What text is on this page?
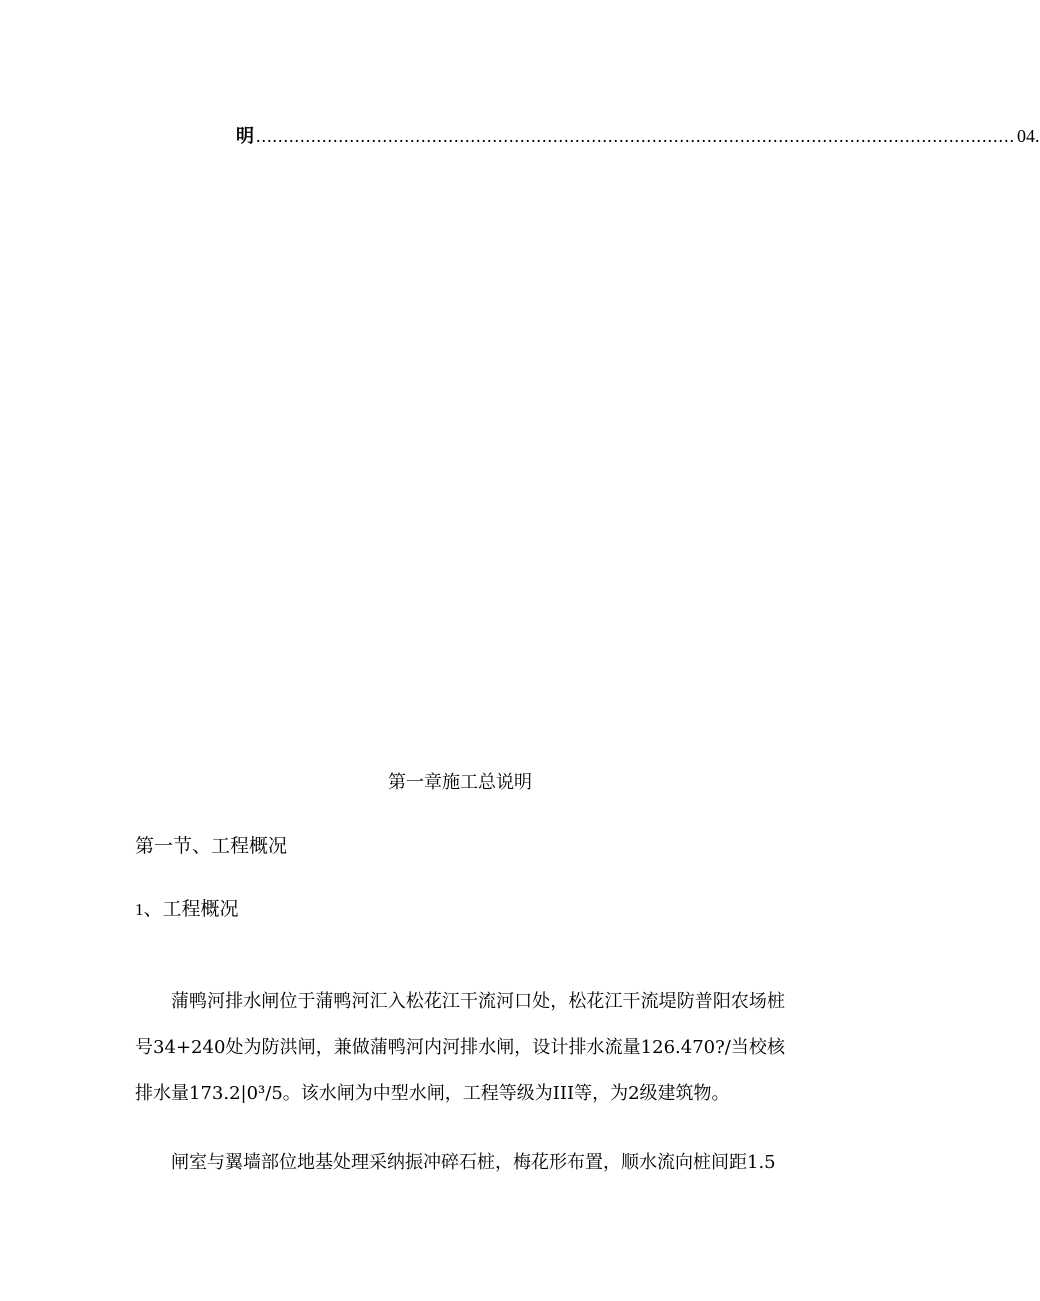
明 .......................................................................................................................................... 04.
第一章施工总说明
第一节、工程概况
1、工程概况

蒲鸭河排水闸位于蒲鸭河汇入松花江干流河口处，松花江干流堤防普阳农场桩号34+240处为防洪闸，兼做蒲鸭河内河排水闸，设计排水流量126.470?/当校核排水量173.2|0³/5。该水闸为中型水闸，工程等级为III等，为2级建筑物。

闸室与翼墙部位地基处理采纳振冲碎石桩，梅花形布置，顺水流向桩间距1.5
